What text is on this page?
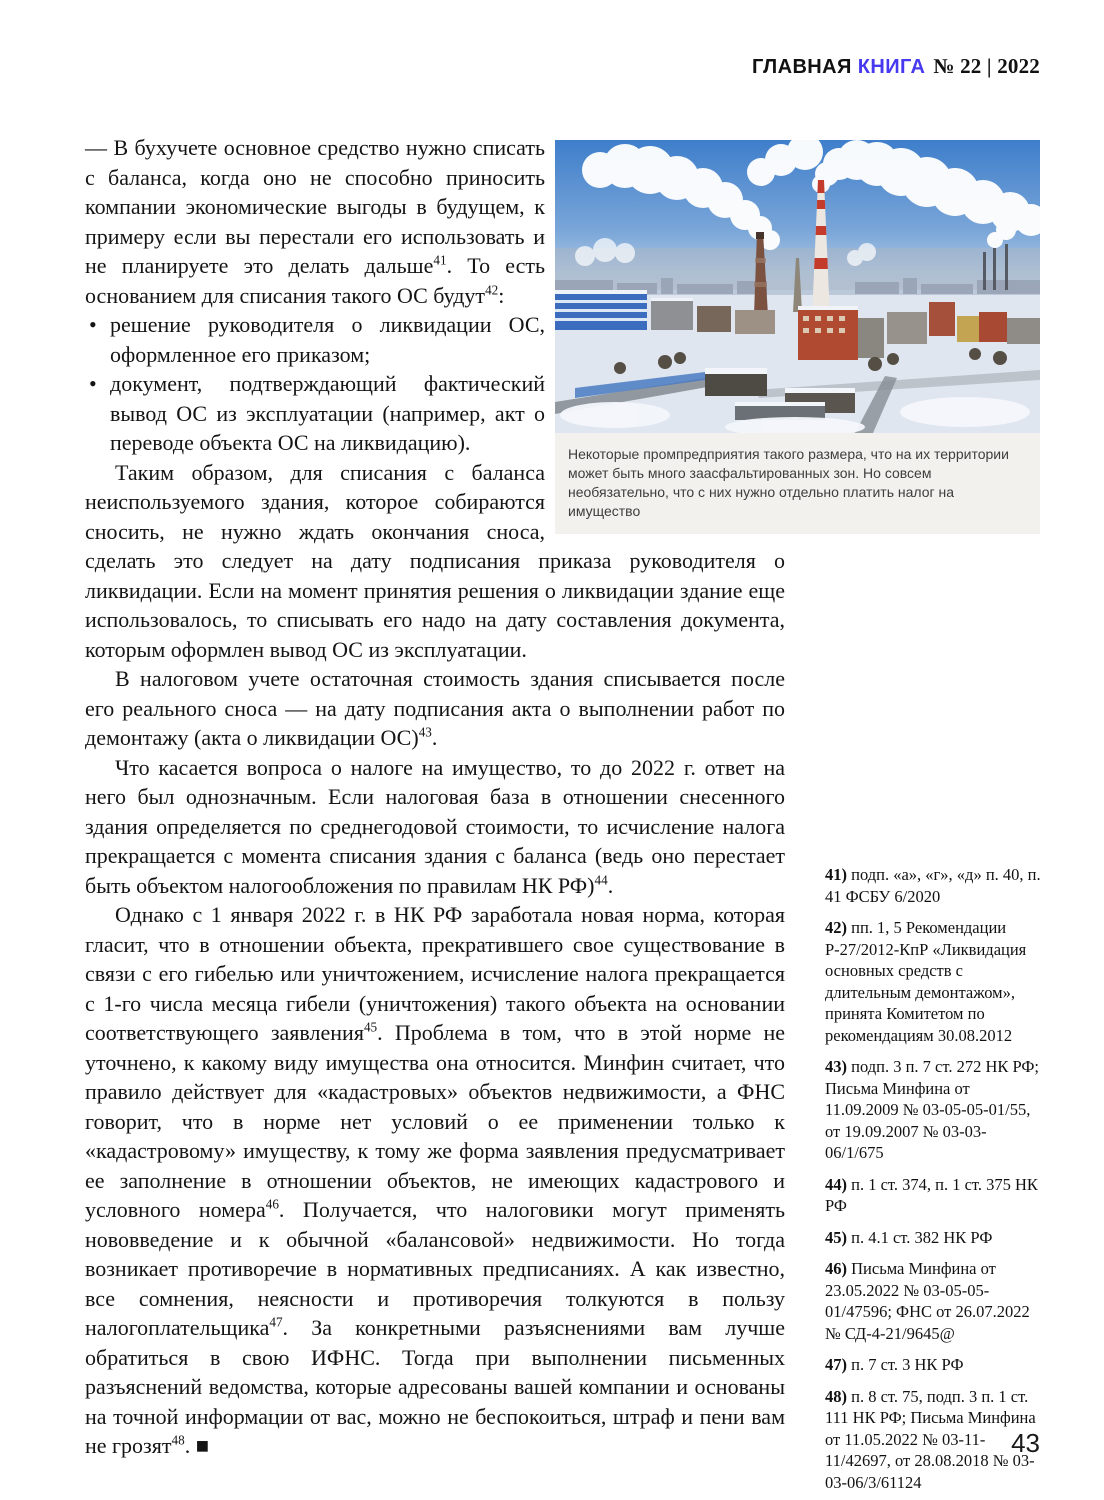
ГЛАВНАЯ КНИГА № 22 | 2022
Некоторые промпредприятия такого размера, что на их территории может быть много заасфальтированных зон. Но совсем необязательно, что с них нужно отдельно платить налог на имущество

— В бухучете основное средство нужно списать с баланса, когда оно не способно приносить компании экономические выгоды в будущем, к примеру если вы перестали его использовать и не планируете это делать дальше$^{41}$. То есть основанием для списания такого ОС будут$^{42}$:

• решение руководителя о ликвидации ОС, оформленное его приказом;

• документ, подтверждающий фактический вывод ОС из эксплуатации (например, акт о переводе объекта ОС на ликвидацию).

Таким образом, для списания с баланса неиспользуемого здания, которое собираются сносить, не нужно ждать окончания сноса, сделать это следует на дату подписания приказа руководителя о ликвидации. Если на момент принятия решения о ликвидации здание еще использовалось, то списывать его надо на дату составления документа, которым оформлен вывод ОС из эксплуатации.

В налоговом учете остаточная стоимость здания списывается после его реального сноса — на дату подписания акта о выполнении работ по демонтажу (акта о ликвидации ОС)$^{43}$.

Что касается вопроса о налоге на имущество, то до 2022 г. ответ на него был однозначным. Если налоговая база в отношении снесенного здания определяется по среднегодовой стоимости, то исчисление налога прекращается с момента списания здания с баланса (ведь оно перестает быть объектом налогообложения по правилам НК РФ)$^{44}$.

Однако с 1 января 2022 г. в НК РФ заработала новая норма, которая гласит, что в отношении объекта, прекратившего свое существование в связи с его гибелью или уничтожением, исчисление налога прекращается с 1-го числа месяца гибели (уничтожения) такого объекта на основании соответствующего заявления$^{45}$. Проблема в том, что в этой норме не уточнено, к какому виду имущества она относится. Минфин считает, что правило действует для «кадастровых» объектов недвижимости, а ФНС говорит, что в норме нет условий о ее применении только к «кадастровому» имуществу, к тому же форма заявления предусматривает ее заполнение в отношении объектов, не имеющих кадастрового и условного номера$^{46}$. Получается, что налоговики могут применять нововведение и к обычной «балансовой» недвижимости. Но тогда возникает противоречие в нормативных предписаниях. А как известно, все сомнения, неясности и противоречия толкуются в пользу налогоплательщика$^{47}$. За конкретными разъяснениями вам лучше обратиться в свою ИФНС. Тогда при выполнении письменных разъяснений ведомства, которые адресованы вашей компании и основаны на точной информации от вас, можно не беспокоиться, штраф и пени вам не грозят$^{48}$. ■

41) подп. «а», «г», «д» п. 40, п. 41 ФСБУ 6/2020
42) пп. 1, 5 Рекомендации Р-27/2012-КпР «Ликвидация основных средств с длительным демонтажом», принята Комитетом по рекомендациям 30.08.2012
43) подп. 3 п. 7 ст. 272 НК РФ; Письма Минфина от 11.09.2009 № 03-05-05-01/55, от 19.09.2007 № 03-03-06/1/675
44) п. 1 ст. 374, п. 1 ст. 375 НК РФ
45) п. 4.1 ст. 382 НК РФ
46) Письма Минфина от 23.05.2022 № 03-05-05-01/47596; ФНС от 26.07.2022 № СД-4-21/9645@
47) п. 7 ст. 3 НК РФ
48) п. 8 ст. 75, подп. 3 п. 1 ст. 111 НК РФ; Письма Минфина от 11.05.2022 № 03-11-11/42697, от 28.08.2018 № 03-03-06/3/61124
43
